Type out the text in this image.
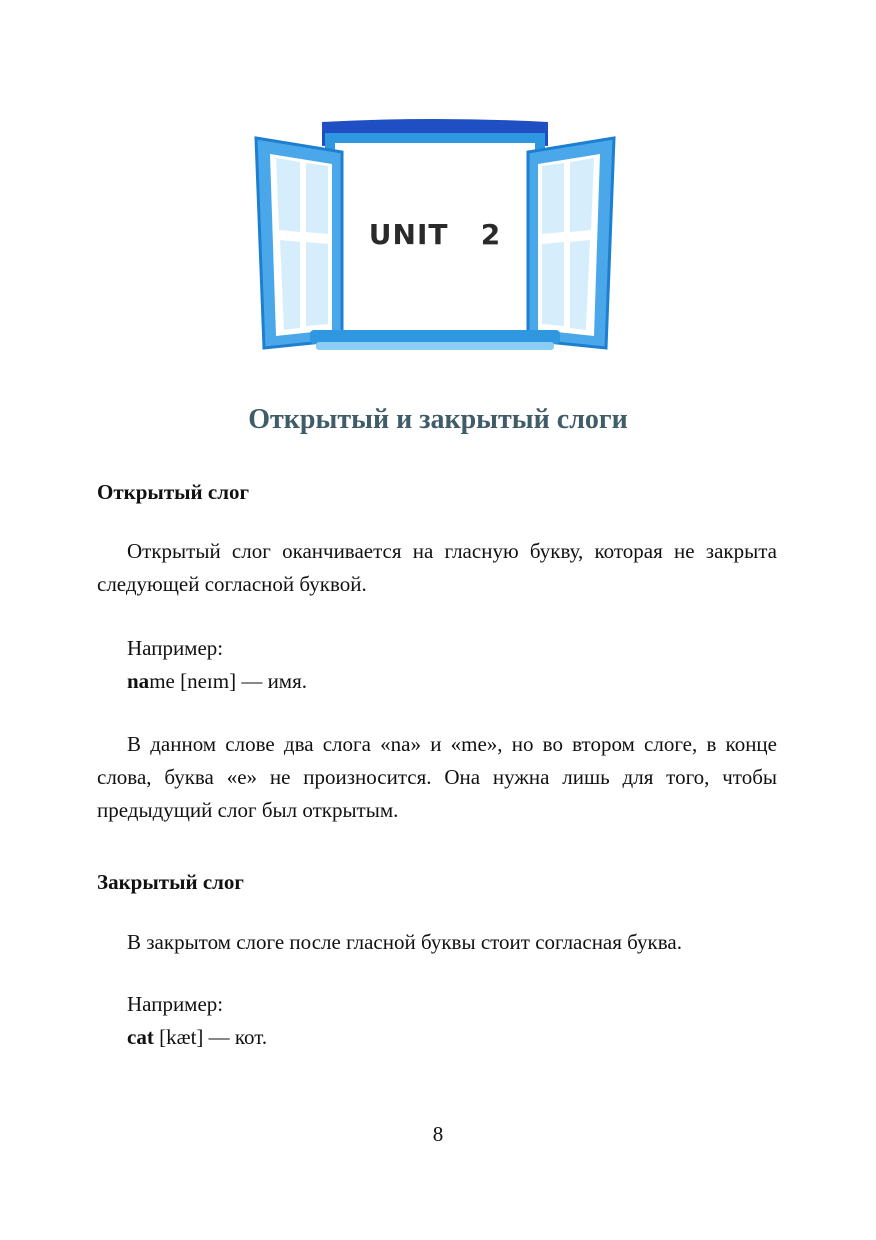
UNIT   2
Открытый и закрытый слоги
Открытый слог

Открытый слог оканчивается на гласную букву, которая не закрыта следующей согласной буквой.

Например:

name [neɪm] — имя.

В данном слове два слога «na» и «me», но во втором слоге, в конце слова, буква «e» не произносится. Она нужна лишь для того, чтобы предыдущий слог был открытым.

Закрытый слог

В закрытом слоге после гласной буквы стоит согласная буква.

Например:

cat [kæt] — кот.

8
